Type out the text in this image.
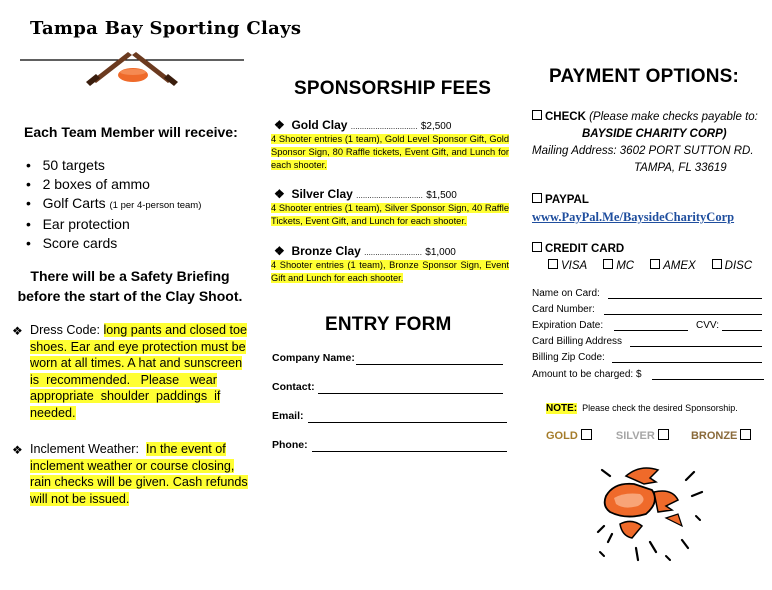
Tampa Bay Sporting Clays
Each Team Member will receive:
•   50 targets
•   2 boxes of ammo
•   Golf Carts (1 per 4-person team)
•   Ear protection
•   Score cards
There will be a Safety Briefing
before the start of the Clay Shoot.
❖ Dress Code: long pants and closed toe
shoes. Ear and eye protection must be
worn at all times. A hat and sunscreen
is  recommended.   Please   wear
appropriate  shoulder  paddings  if
needed.
❖ Inclement Weather: In the event of
inclement weather or course closing,
rain checks will be given. Cash refunds
will not be issued.
SPONSORSHIP FEES
❖  Gold Clay .............................. $2,500
4 Shooter entries (1 team), Gold Level Sponsor Gift, Gold Sponsor Sign, 80 Raffle tickets, Event Gift, and Lunch for each shooter.
❖  Silver Clay .............................. $1,500
4 Shooter entries (1 team), Silver Sponsor Sign, 40 Raffle Tickets, Event Gift, and Lunch for each shooter.
❖  Bronze Clay .......................... $1,000
4 Shooter entries (1 team), Bronze Sponsor Sign, Event Gift and Lunch for each shooter.
ENTRY FORM
Company Name:
Contact:
Email:
Phone:
PAYMENT OPTIONS:
CHECK (Please make checks payable to:
BAYSIDE CHARITY CORP)
Mailing Address: 3602 PORT SUTTON RD.
TAMPA, FL 33619
PAYPAL
www.PayPal.Me/BaysideCharityCorp
CREDIT CARD
VISA	MC	AMEX	DISC
Name on Card:
Card Number:
Expiration Date:	CVV:
Card Billing Address
Billing Zip Code:
Amount to be charged: $
NOTE: Please check the desired Sponsorship.
GOLD	SILVER	BRONZE
